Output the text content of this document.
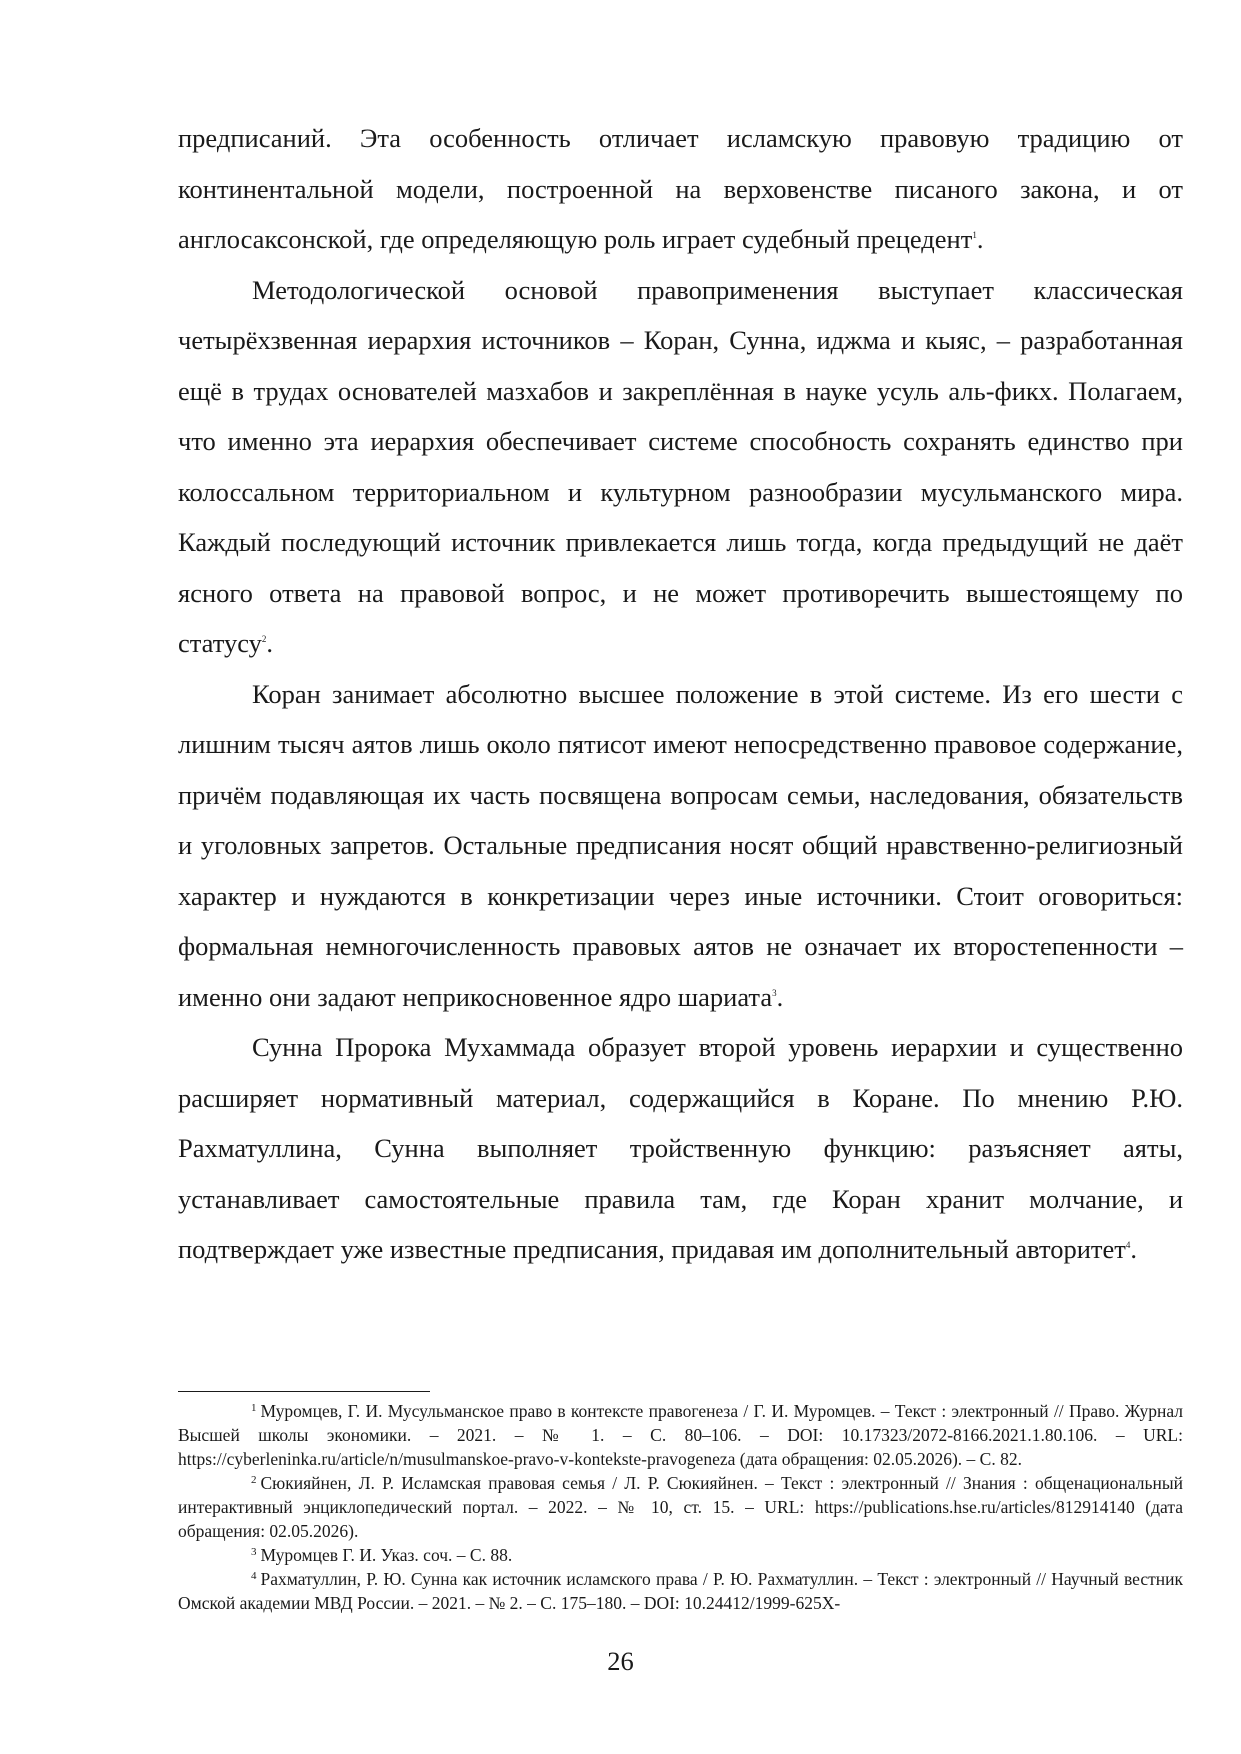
предписаний. Эта особенность отличает исламскую правовую традицию от континентальной модели, построенной на верховенстве писаного закона, и от англосаксонской, где определяющую роль играет судебный прецедент$^1$.

Методологической основой правоприменения выступает классическая четырёхзвенная иерархия источников – Коран, Сунна, иджма и кыяс, – разработанная ещё в трудах основателей мазхабов и закреплённая в науке усуль аль-фикх. Полагаем, что именно эта иерархия обеспечивает системе способность сохранять единство при колоссальном территориальном и культурном разнообразии мусульманского мира. Каждый последующий источник привлекается лишь тогда, когда предыдущий не даёт ясного ответа на правовой вопрос, и не может противоречить вышестоящему по статусу$^2$.

Коран занимает абсолютно высшее положение в этой системе. Из его шести с лишним тысяч аятов лишь около пятисот имеют непосредственно правовое содержание, причём подавляющая их часть посвящена вопросам семьи, наследования, обязательств и уголовных запретов. Остальные предписания носят общий нравственно-религиозный характер и нуждаются в конкретизации через иные источники. Стоит оговориться: формальная немногочисленность правовых аятов не означает их второстепенности – именно они задают неприкосновенное ядро шариата$^3$.

Сунна Пророка Мухаммада образует второй уровень иерархии и существенно расширяет нормативный материал, содержащийся в Коране. По мнению Р.Ю. Рахматуллина, Сунна выполняет тройственную функцию: разъясняет аяты, устанавливает самостоятельные правила там, где Коран хранит молчание, и подтверждает уже известные предписания, придавая им дополнительный авторитет$^4$.

$^1$ Муромцев, Г. И. Мусульманское право в контексте правогенеза / Г. И. Муромцев. – Текст : электронный // Право. Журнал Высшей школы экономики. – 2021. – № 1. – С. 80–106. – DOI: 10.17323/2072-8166.2021.1.80.106. – URL: https://cyberleninka.ru/article/n/musulmanskoe-pravo-v-kontekste-pravogeneza (дата обращения: 02.05.2026). – С. 82.

$^2$ Сюкияйнен, Л. Р. Исламская правовая семья / Л. Р. Сюкияйнен. – Текст : электронный // Знания : общенациональный интерактивный энциклопедический портал. – 2022. – № 10, ст. 15. – URL: https://publications.hse.ru/articles/812914140 (дата обращения: 02.05.2026).

$^3$ Муромцев Г. И. Указ. соч. – С. 88.

$^4$ Рахматуллин, Р. Ю. Сунна как источник исламского права / Р. Ю. Рахматуллин. – Текст : электронный // Научный вестник Омской академии МВД России. – 2021. – № 2. – С. 175–180. – DOI: 10.24412/1999-625X-

26
